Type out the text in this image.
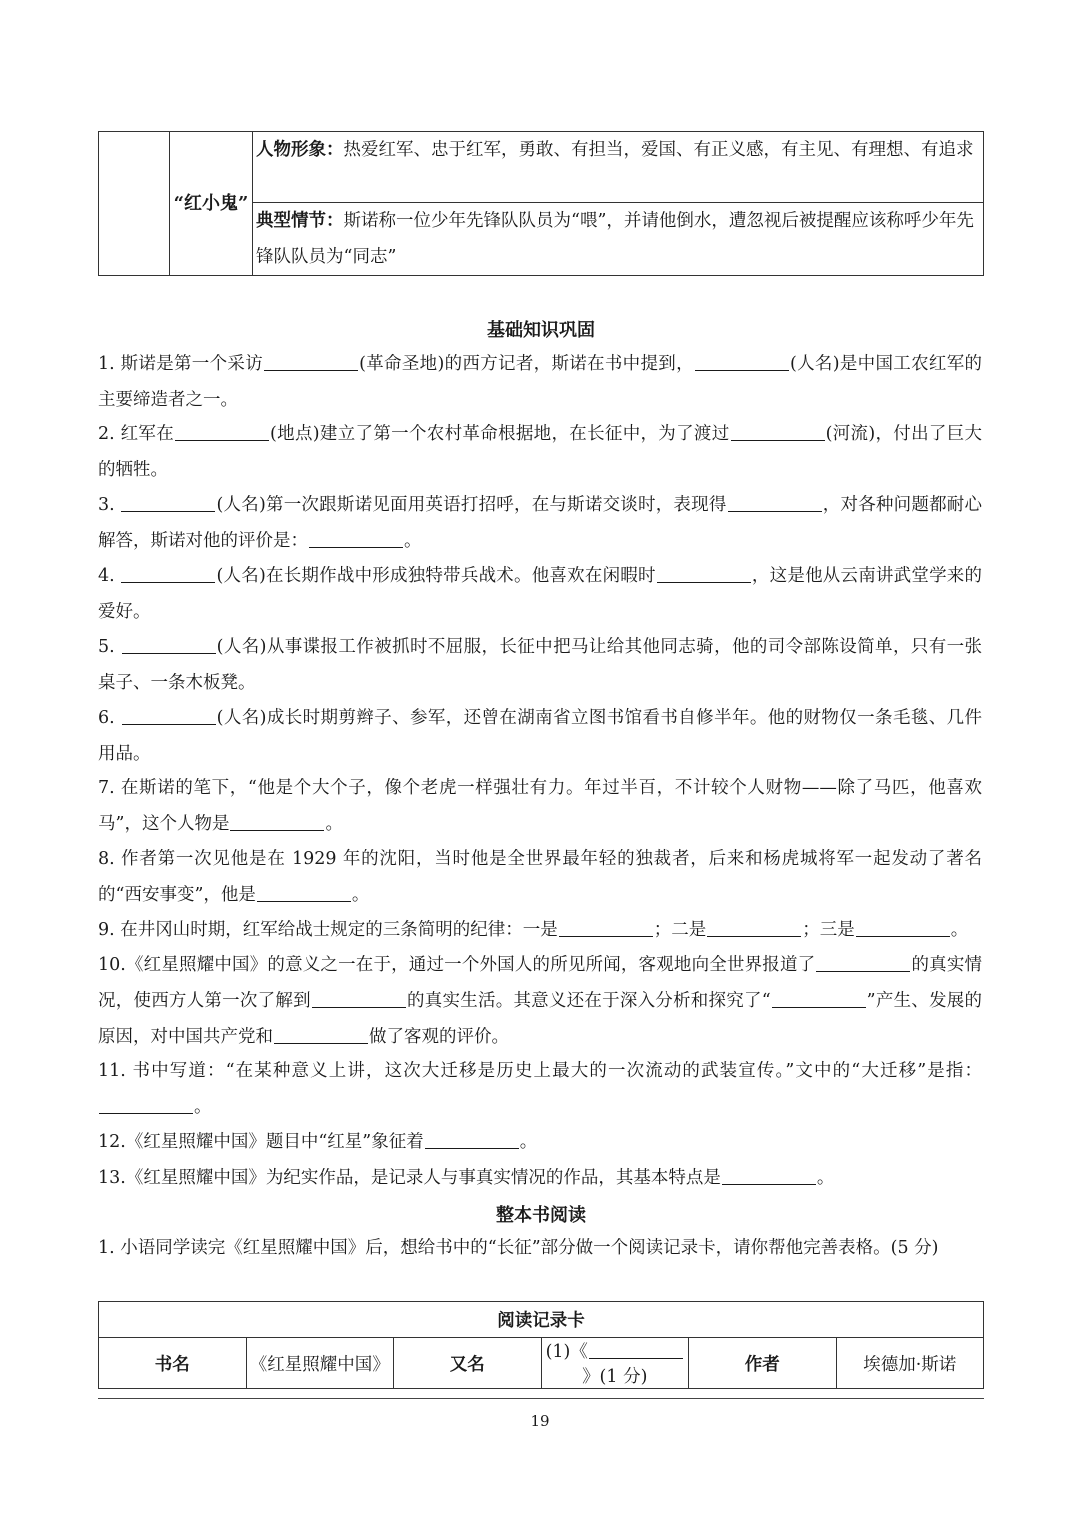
	“红小鬼”	人物形象：热爱红军、忠于红军，勇敢、有担当，爱国、有正义感，有主见、有理想、有追求
典型情节：斯诺称一位少年先锋队队员为“喂”，并请他倒水，遭忽视后被提醒应该称呼少年先锋队队员为“同志”
基础知识巩固
1. 斯诺是第一个采访	(革命圣地)的西方记者，斯诺在书中提到，	(人名)是中国工农红军的主要缔造者之一。
2. 红军在	(地点)建立了第一个农村革命根据地，在长征中，为了渡过	(河流)，付出了巨大的牺牲。
3.	(人名)第一次跟斯诺见面用英语打招呼，在与斯诺交谈时，表现得	，对各种问题都耐心解答，斯诺对他的评价是：	。
4.	(人名)在长期作战中形成独特带兵战术。他喜欢在闲暇时	，这是他从云南讲武堂学来的爱好。
5.	(人名)从事谍报工作被抓时不屈服，长征中把马让给其他同志骑，他的司令部陈设简单，只有一张桌子、一条木板凳。
6.	(人名)成长时期剪辫子、参军，还曾在湖南省立图书馆看书自修半年。他的财物仅一条毛毯、几件用品。
7. 在斯诺的笔下，“他是个大个子，像个老虎一样强壮有力。年过半百，不计较个人财物——除了马匹，他喜欢马”，这个人物是	。
8. 作者第一次见他是在 1929 年的沈阳，当时他是全世界最年轻的独裁者，后来和杨虎城将军一起发动了著名的“西安事变”，他是	。
9. 在井冈山时期，红军给战士规定的三条简明的纪律：一是	；二是	；三是	。
10.《红星照耀中国》的意义之一在于，通过一个外国人的所见所闻，客观地向全世界报道了	的真实情况，使西方人第一次了解到	的真实生活。其意义还在于深入分析和探究了“	”产生、发展的原因，对中国共产党和	做了客观的评价。
11. 书中写道：“在某种意义上讲，这次大迁移是历史上最大的一次流动的武装宣传。”文中的“大迁移”是指：。
12.《红星照耀中国》题目中“红星”象征着	。
13.《红星照耀中国》为纪实作品，是记录人与事真实情况的作品，其基本特点是	。
整本书阅读
1. 小语同学读完《红星照耀中国》后，想给书中的“长征”部分做一个阅读记录卡，请你帮他完善表格。(5 分)
阅读记录卡
书名	《红星照耀中国》	又名	(1)《》(1 分)	作者	埃德加·斯诺
19
